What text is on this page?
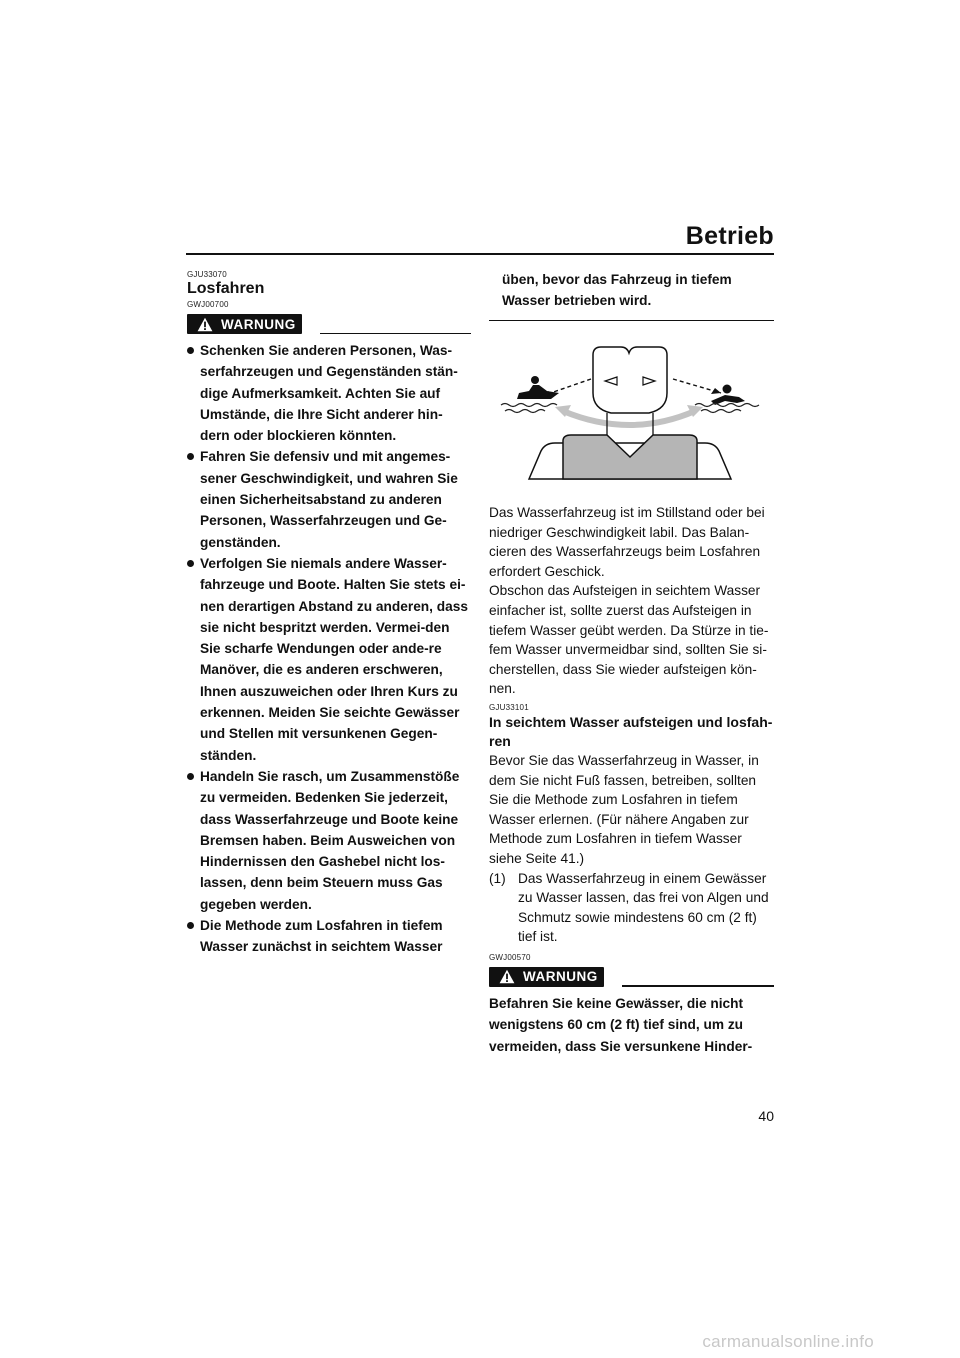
Betrieb
GJU33070
Losfahren
GWJ00700
WARNUNG
Schenken Sie anderen Personen, Was-serfahrzeugen und Gegenständen stän-dige Aufmerksamkeit. Achten Sie auf Umstände, die Ihre Sicht anderer hin-dern oder blockieren könnten.
Fahren Sie defensiv und mit angemes-sener Geschwindigkeit, und wahren Sie einen Sicherheitsabstand zu anderen Personen, Wasserfahrzeugen und Ge-genständen.
Verfolgen Sie niemals andere Wasser-fahrzeuge und Boote. Halten Sie stets ei-nen derartigen Abstand zu anderen, dass sie nicht bespritzt werden. Vermei-den Sie scharfe Wendungen oder ande-re Manöver, die es anderen erschweren, Ihnen auszuweichen oder Ihren Kurs zu erkennen. Meiden Sie seichte Gewässer und Stellen mit versunkenen Gegen-ständen.
Handeln Sie rasch, um Zusammenstöße zu vermeiden. Bedenken Sie jederzeit, dass Wasserfahrzeuge und Boote keine Bremsen haben. Beim Ausweichen von Hindernissen den Gashebel nicht los-lassen, denn beim Steuern muss Gas gegeben werden.
Die Methode zum Losfahren in tiefem Wasser zunächst in seichtem Wasser

üben, bevor das Fahrzeug in tiefem Wasser betrieben wird.

Das Wasserfahrzeug ist im Stillstand oder bei niedriger Geschwindigkeit labil. Das Balan-cieren des Wasserfahrzeugs beim Losfahren erfordert Geschick.

Obschon das Aufsteigen in seichtem Wasser einfacher ist, sollte zuerst das Aufsteigen in tiefem Wasser geübt werden. Da Stürze in tie-fem Wasser unvermeidbar sind, sollten Sie si-cherstellen, dass Sie wieder aufsteigen kön-nen.

GJU33101
In seichtem Wasser aufsteigen und losfah-ren

Bevor Sie das Wasserfahrzeug in Wasser, in dem Sie nicht Fuß fassen, betreiben, sollten Sie die Methode zum Losfahren in tiefem Wasser erlernen. (Für nähere Angaben zur Methode zum Losfahren in tiefem Wasser siehe Seite 41.)

(1) Das Wasserfahrzeug in einem Gewässer zu Wasser lassen, das frei von Algen und Schmutz sowie mindestens 60 cm (2 ft) tief ist.
GWJ00570
WARNUNG

Befahren Sie keine Gewässer, die nicht wenigstens 60 cm (2 ft) tief sind, um zu vermeiden, dass Sie versunkene Hinder-

40
carmanualsonline.info
